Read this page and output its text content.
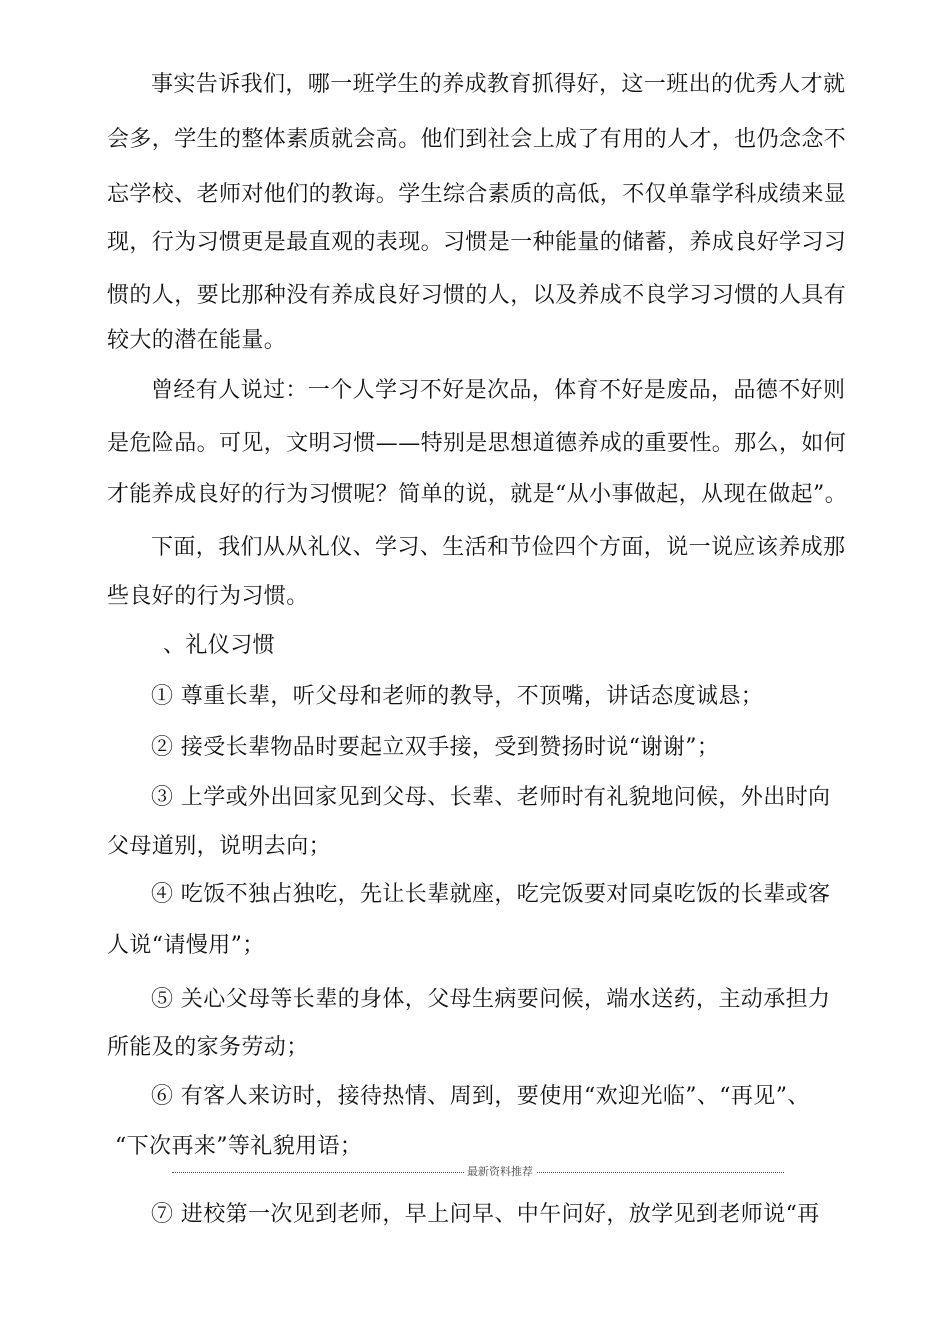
事实告诉我们，哪一班学生的养成教育抓得好，这一班出的优秀人才就
会多，学生的整体素质就会高。他们到社会上成了有用的人才，也仍念念不
忘学校、老师对他们的教诲。学生综合素质的高低，不仅单靠学科成绩来显
现，行为习惯更是最直观的表现。习惯是一种能量的储蓄，养成良好学习习
惯的人，要比那种没有养成良好习惯的人，以及养成不良学习习惯的人具有
较大的潜在能量。
曾经有人说过：一个人学习不好是次品，体育不好是废品，品德不好则
是危险品。可见，文明习惯——特别是思想道德养成的重要性。那么，如何
才能养成良好的行为习惯呢？简单的说，就是“从小事做起，从现在做起”。
下面，我们从从礼仪、学习、生活和节俭四个方面，说一说应该养成那
些良好的行为习惯。
、礼仪习惯
① 尊重长辈，听父母和老师的教导，不顶嘴，讲话态度诚恳；
② 接受长辈物品时要起立双手接，受到赞扬时说“谢谢”；
③ 上学或外出回家见到父母、长辈、老师时有礼貌地问候，外出时向
父母道别，说明去向；
④ 吃饭不独占独吃，先让长辈就座，吃完饭要对同桌吃饭的长辈或客
人说“请慢用”；
⑤ 关心父母等长辈的身体，父母生病要问候，端水送药，主动承担力
所能及的家务劳动；
⑥ 有客人来访时，接待热情、周到，要使用“欢迎光临”、“再见”、
“下次再来”等礼貌用语；
最新资料推荐
⑦ 进校第一次见到老师，早上问早、中午问好，放学见到老师说“再
